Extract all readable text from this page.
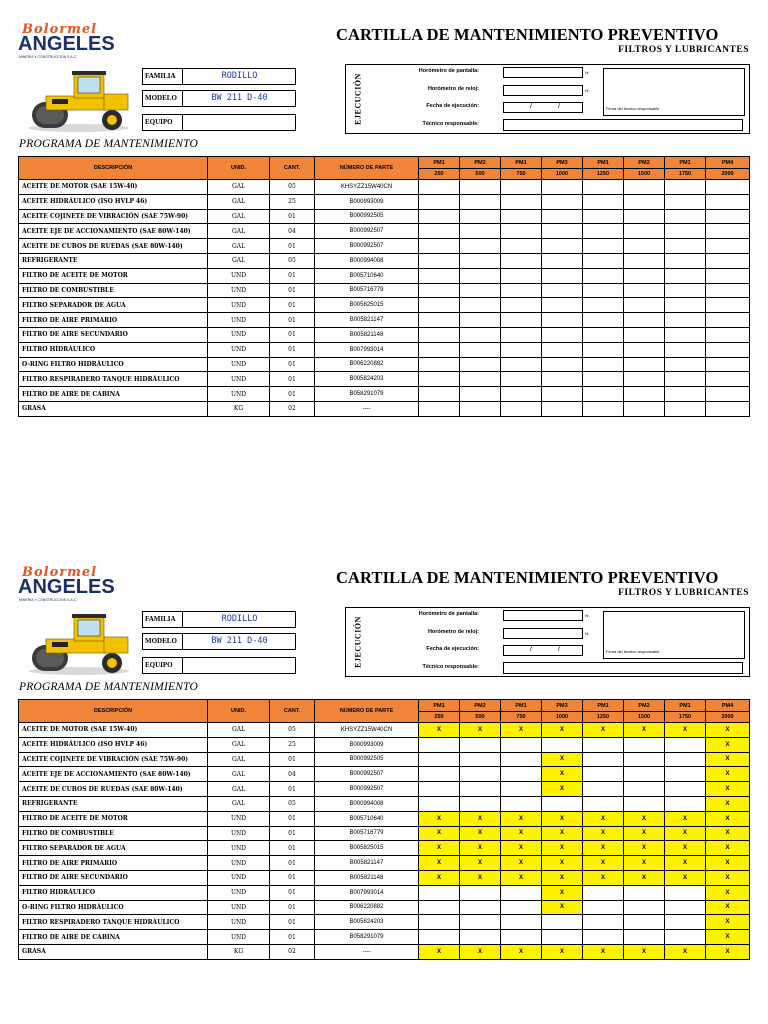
Bolormel
ANGELES
MINERIA Y CONSTRUCCION S.A.C.
CARTILLA DE MANTENIMIENTO PREVENTIVO
FILTROS Y LUBRICANTES
FAMILIA	RODILLO
MODELO	BW 211 D-40
EQUIPO	EJECUCIÓN
Horómetro de pantalla:	Hr.
Horómetro de reloj:	Hr.
Fecha de ejecución:	/	/
Técnico responsable:
Firma del técnico responsable
PROGRAMA DE MANTENIMIENTO
DESCRIPCIÓN	UNID.	CANT.	NÚMERO DE PARTE	PM1	PM2	PM1	PM3	PM1	PM2	PM1	PM4
				250	500	750	1000	1250	1500	1750	2000
ACEITE DE MOTOR (SAE 15W-40)	GAL	05	KHSYZZ15W40CN								
ACEITE HIDRÁULICO (ISO HVLP 46)	GAL	25	B000993009								
ACEITE COJINETE DE VIBRACIÓN (SAE 75W-90)	GAL	01	B000992505								
ACEITE EJE DE ACCIONAMIENTO (SAE 80W-140)	GAL	04	B000992507								
ACEITE DE CUBOS DE RUEDAS (SAE 80W-140)	GAL	01	B000992507								
REFRIGERANTE	GAL	05	B000994008								
FILTRO DE ACEITE DE MOTOR	UND	01	B005710640								
FILTRO DE COMBUSTIBLE	UND	01	B005716779								
FILTRO SEPARADOR DE AGUA	UND	01	B005825015								
FILTRO DE AIRE PRIMARIO	UND	01	B005821147								
FILTRO DE AIRE SECUNDARIO	UND	01	B005821148								
FILTRO HIDRÁULICO	UND	01	B007993014								
O-RING FILTRO HIDRÁULICO	UND	01	B006220882								
FILTRO RESPIRADERO TANQUE HIDRÁULICO	UND	01	B005824203								
FILTRO DE AIRE DE CABINA	UND	01	B058291079								
GRASA	KG	02	----								
Bolormel
ANGELES
MINERIA Y CONSTRUCCION S.A.C.
CARTILLA DE MANTENIMIENTO PREVENTIVO
FILTROS Y LUBRICANTES
FAMILIA	RODILLO
MODELO	BW 211 D-40
EQUIPO	EJECUCIÓN
Horómetro de pantalla:	Hr.
Horómetro de reloj:	Hr.
Fecha de ejecución:	/	/
Técnico responsable:
Firma del técnico responsable
PROGRAMA DE MANTENIMIENTO
DESCRIPCIÓN	UNID.	CANT.	NÚMERO DE PARTE	PM1	PM2	PM1	PM3	PM1	PM2	PM1	PM4
				250	500	750	1000	1250	1500	1750	2000
ACEITE DE MOTOR (SAE 15W-40)	GAL	05	KHSYZZ15W40CN	X	X	X	X	X	X	X	X
ACEITE HIDRÁULICO (ISO HVLP 46)	GAL	25	B000993009								X
ACEITE COJINETE DE VIBRACIÓN (SAE 75W-90)	GAL	01	B000992505				X				X
ACEITE EJE DE ACCIONAMIENTO (SAE 80W-140)	GAL	04	B000992507				X				X
ACEITE DE CUBOS DE RUEDAS (SAE 80W-140)	GAL	01	B000992507				X				X
REFRIGERANTE	GAL	05	B000994008								X
FILTRO DE ACEITE DE MOTOR	UND	01	B005710640	X	X	X	X	X	X	X	X
FILTRO DE COMBUSTIBLE	UND	01	B005716779	X	X	X	X	X	X	X	X
FILTRO SEPARADOR DE AGUA	UND	01	B005825015	X	X	X	X	X	X	X	X
FILTRO DE AIRE PRIMARIO	UND	01	B005821147	X	X	X	X	X	X	X	X
FILTRO DE AIRE SECUNDARIO	UND	01	B005821148	X	X	X	X	X	X	X	X
FILTRO HIDRÁULICO	UND	01	B007993014				X				X
O-RING FILTRO HIDRÁULICO	UND	01	B006220882				X				X
FILTRO RESPIRADERO TANQUE HIDRÁULICO	UND	01	B005824203								X
FILTRO DE AIRE DE CABINA	UND	01	B058291079								X
GRASA	KG	02	----	X	X	X	X	X	X	X	X
